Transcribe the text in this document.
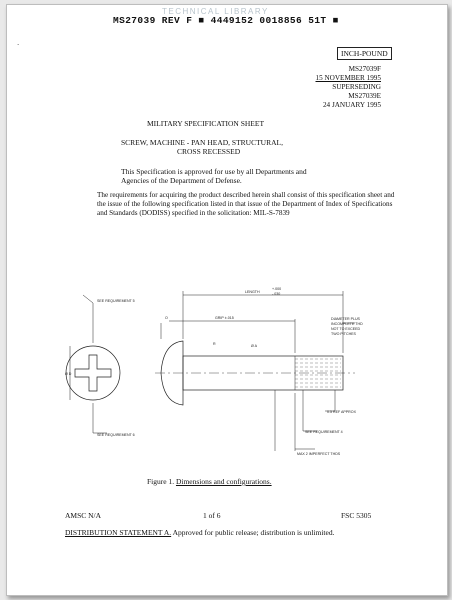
TECHNICAL LIBRARY
MS27039 REV F ■ 4449152 0018856 51T ■
ˋ
INCH-POUND
MS27039F
15 NOVEMBER 1995
SUPERSEDING
MS27039E
24 JANUARY 1995
MILITARY SPECIFICATION SHEET
SCREW, MACHINE - PAN HEAD, STRUCTURAL,
CROSS RECESSED
This Specification is approved for use by all Departments and
Agencies of the Department of Defense.
The requirements for acquiring the product described herein shall consist of this specification sheet and the issue of the following specification listed in that issue of the Department of Index of Specifications and Standards (DODISS) specified in the solicitation: MIL-S-7839
SEE REQUIREMENT 5
SEE REQUIREMENT 6
Ø D
LENGTH
+.000
-.030
O	GRIP ±.015
R	Ø A
DIAMETER PLUS
INCOMPLETE THD
NOT TO EXCEED
TWO PITCHES
0.5 REF APPROX
SEE REQUIREMENT 4
MAX 2 IMPERFECT THDS
Figure 1. Dimensions and configurations.
AMSC N/A	1 of 6	FSC 5305
DISTRIBUTION STATEMENT A. Approved for public release; distribution is unlimited.
